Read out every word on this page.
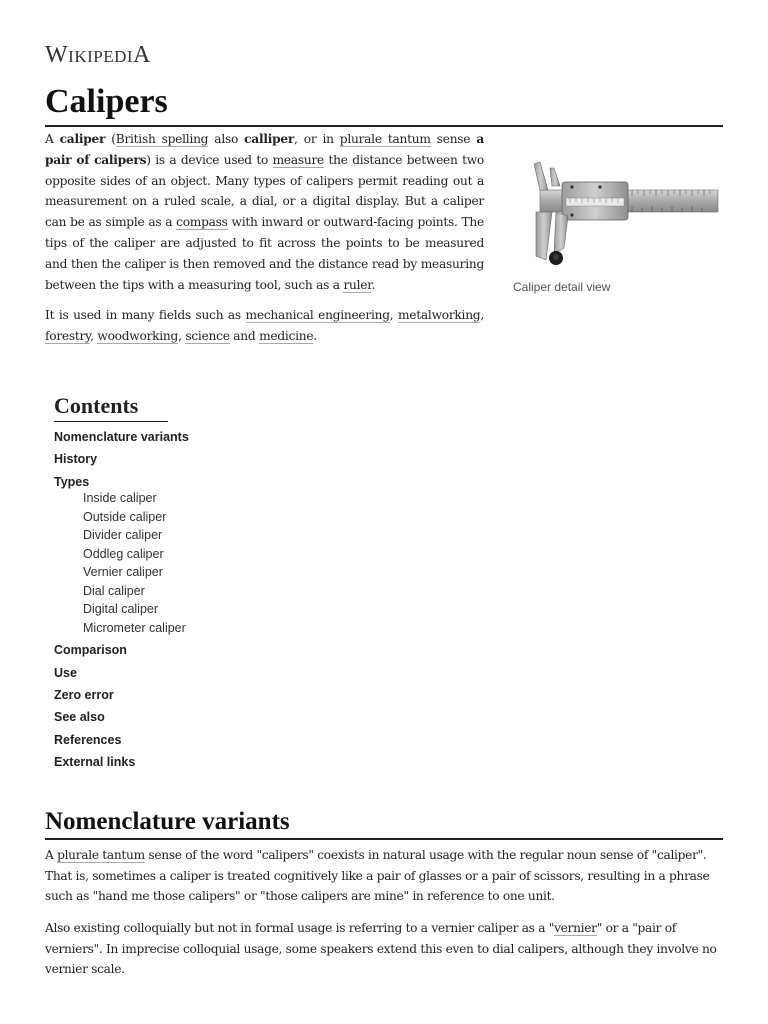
WIKIPEDIA
Calipers

A caliper (British spelling also calliper, or in plurale tantum sense a pair of calipers) is a device used to measure the distance between two opposite sides of an object. Many types of calipers permit reading out a measurement on a ruled scale, a dial, or a digital display. But a caliper can be as simple as a compass with inward or outward-facing points. The tips of the caliper are adjusted to fit across the points to be measured and then the caliper is then removed and the distance read by measuring between the tips with a measuring tool, such as a ruler.

It is used in many fields such as mechanical engineering, metalworking, forestry, woodworking, science and medicine.

Caliper detail view
Contents
Nomenclature variants
History
Types
Inside caliper
Outside caliper
Divider caliper
Oddleg caliper
Vernier caliper
Dial caliper
Digital caliper
Micrometer caliper
Comparison
Use
Zero error
See also
References
External links
Nomenclature variants

A plurale tantum sense of the word "calipers" coexists in natural usage with the regular noun sense of "caliper". That is, sometimes a caliper is treated cognitively like a pair of glasses or a pair of scissors, resulting in a phrase such as "hand me those calipers" or "those calipers are mine" in reference to one unit.

Also existing colloquially but not in formal usage is referring to a vernier caliper as a "vernier" or a "pair of verniers". In imprecise colloquial usage, some speakers extend this even to dial calipers, although they involve no vernier scale.
